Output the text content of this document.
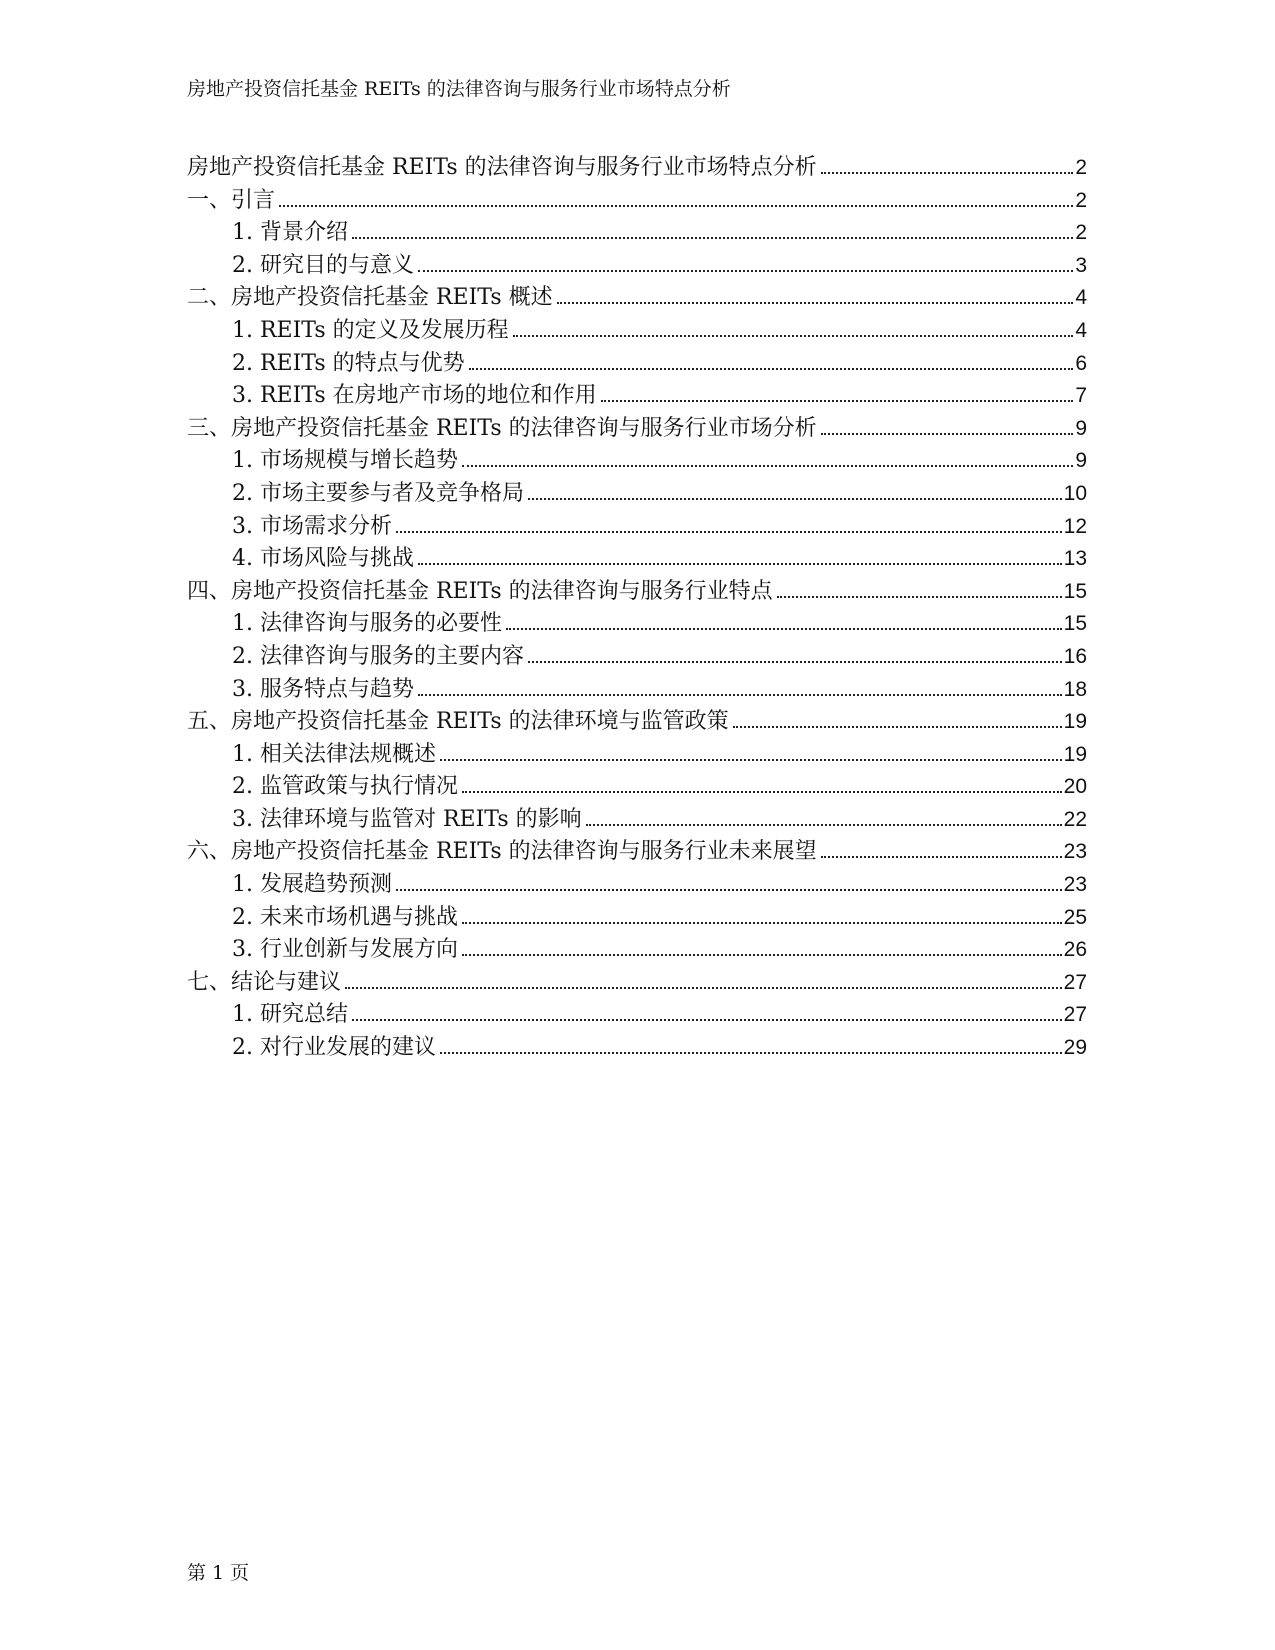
房地产投资信托基金 REITs 的法律咨询与服务行业市场特点分析
房地产投资信托基金 REITs 的法律咨询与服务行业市场特点分析	2
一、引言	2
1. 背景介绍	2
2. 研究目的与意义	3
二、房地产投资信托基金 REITs 概述	4
1. REITs 的定义及发展历程	4
2. REITs 的特点与优势	6
3. REITs 在房地产市场的地位和作用	7
三、房地产投资信托基金 REITs 的法律咨询与服务行业市场分析	9
1. 市场规模与增长趋势	9
2. 市场主要参与者及竞争格局	10
3. 市场需求分析	12
4. 市场风险与挑战	13
四、房地产投资信托基金 REITs 的法律咨询与服务行业特点	15
1. 法律咨询与服务的必要性	15
2. 法律咨询与服务的主要内容	16
3. 服务特点与趋势	18
五、房地产投资信托基金 REITs 的法律环境与监管政策	19
1. 相关法律法规概述	19
2. 监管政策与执行情况	20
3. 法律环境与监管对 REITs 的影响	22
六、房地产投资信托基金 REITs 的法律咨询与服务行业未来展望	23
1. 发展趋势预测	23
2. 未来市场机遇与挑战	25
3. 行业创新与发展方向	26
七、结论与建议	27
1. 研究总结	27
2. 对行业发展的建议	29
第 1 页
